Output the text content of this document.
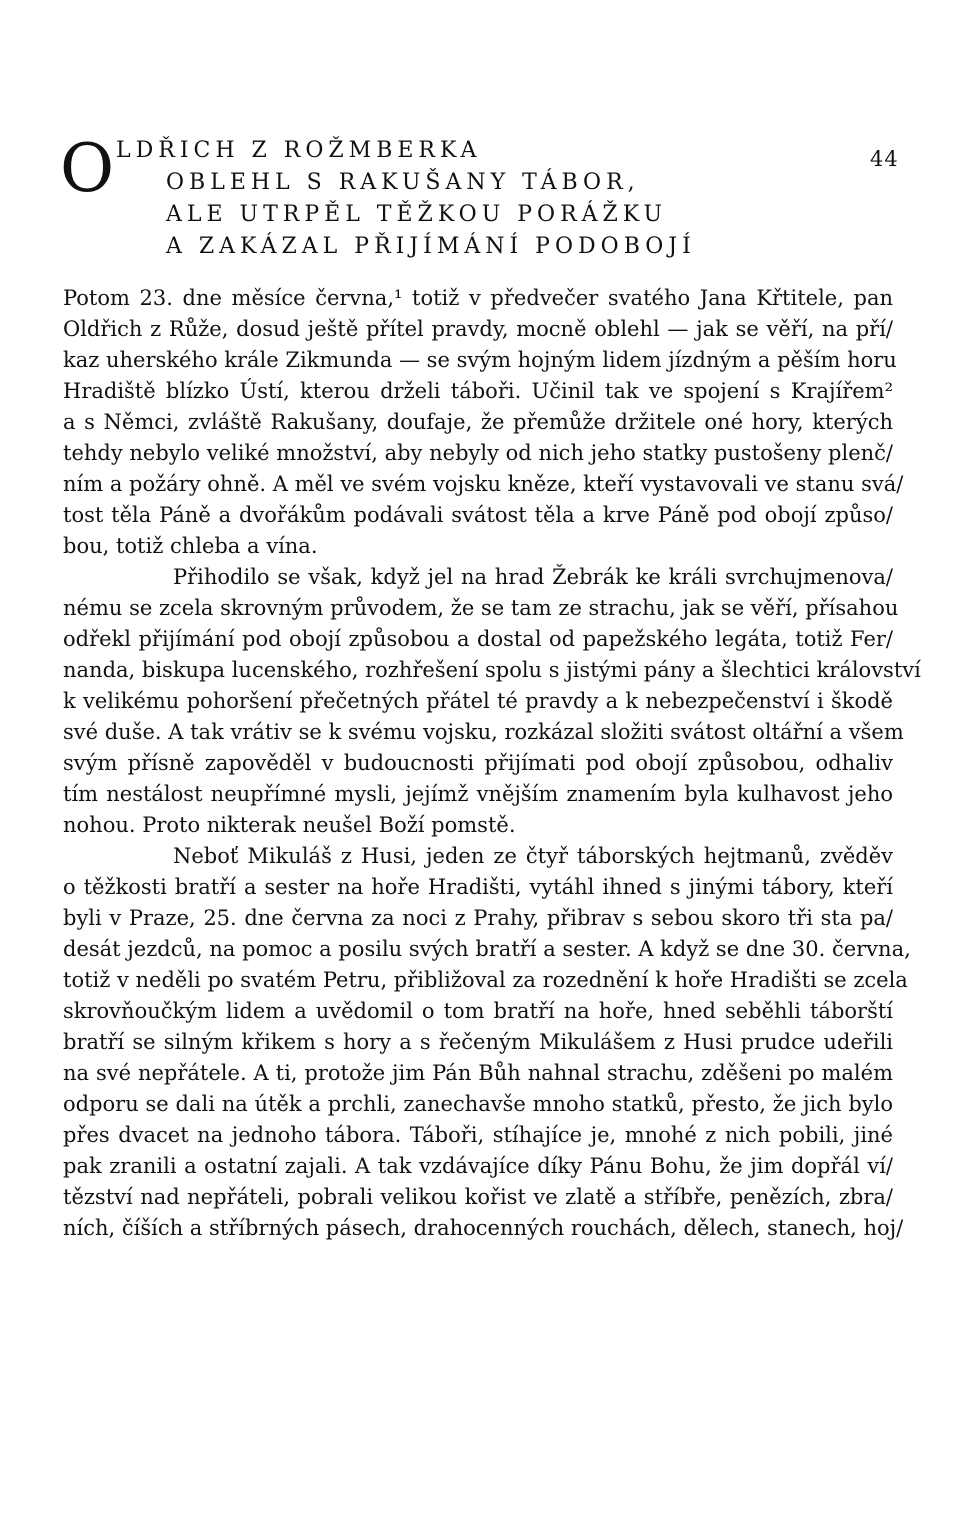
44
O LDŘICH Z ROŽMBERKA
OBLEHL S RAKUŠANY TÁBOR,
ALE UTRPĚL TĚŽKOU PORÁŽKU
A ZAKÁZAL PŘIJÍMÁNÍ PODOBOJÍ
Potom 23. dne měsíce června,¹ totiž v předvečer svatého Jana Křtitele, pan
Oldřich z Růže, dosud ještě přítel pravdy, mocně oblehl — jak se věří, na pří/
kaz uherského krále Zikmunda — se svým hojným lidem jízdným a pěším horu
Hradiště blízko Ústí, kterou drželi táboři. Učinil tak ve spojení s Krajířem²
a s Němci, zvláště Rakušany, doufaje, že přemůže držitele oné hory, kterých
tehdy nebylo veliké množství, aby nebyly od nich jeho statky pustošeny plenč/
ním a požáry ohně. A měl ve svém vojsku kněze, kteří vystavovali ve stanu svá/
tost těla Páně a dvořákům podávali svátost těla a krve Páně pod obojí způso/
bou, totiž chleba a vína.
Přihodilo se však, když jel na hrad Žebrák ke králi svrchujmenova/
nému se zcela skrovným průvodem, že se tam ze strachu, jak se věří, přísahou
odřekl přijímání pod obojí způsobou a dostal od papežského legáta, totiž Fer/
nanda, biskupa lucenského, rozhřešení spolu s jistými pány a šlechtici království
k velikému pohoršení přečetných přátel té pravdy a k nebezpečenství i škodě
své duše. A tak vrátiv se k svému vojsku, rozkázal složiti svátost oltářní a všem
svým přísně zapověděl v budoucnosti přijímati pod obojí způsobou, odhaliv
tím nestálost neupřímné mysli, jejímž vnějším znamením byla kulhavost jeho
nohou. Proto nikterak neušel Boží pomstě.
Neboť Mikuláš z Husi, jeden ze čtyř táborských hejtmanů, zvěděv
o těžkosti bratří a sester na hoře Hradišti, vytáhl ihned s jinými tábory, kteří
byli v Praze, 25. dne června za noci z Prahy, přibrav s sebou skoro tři sta pa/
desát jezdců, na pomoc a posilu svých bratří a sester. A když se dne 30. června,
totiž v neděli po svatém Petru, přibližoval za rozednění k hoře Hradišti se zcela
skrovňoučkým lidem a uvědomil o tom bratří na hoře, hned seběhli táborští
bratří se silným křikem s hory a s řečeným Mikulášem z Husi prudce udeřili
na své nepřátele. A ti, protože jim Pán Bůh nahnal strachu, zděšeni po malém
odporu se dali na útěk a prchli, zanechavše mnoho statků, přesto, že jich bylo
přes dvacet na jednoho tábora. Táboři, stíhajíce je, mnohé z nich pobili, jiné
pak zranili a ostatní zajali. A tak vzdávajíce díky Pánu Bohu, že jim dopřál ví/
tězství nad nepřáteli, pobrali velikou kořist ve zlatě a stříbře, penězích, zbra/
ních, číších a stříbrných pásech, drahocenných rouchách, dělech, stanech, hoj/
